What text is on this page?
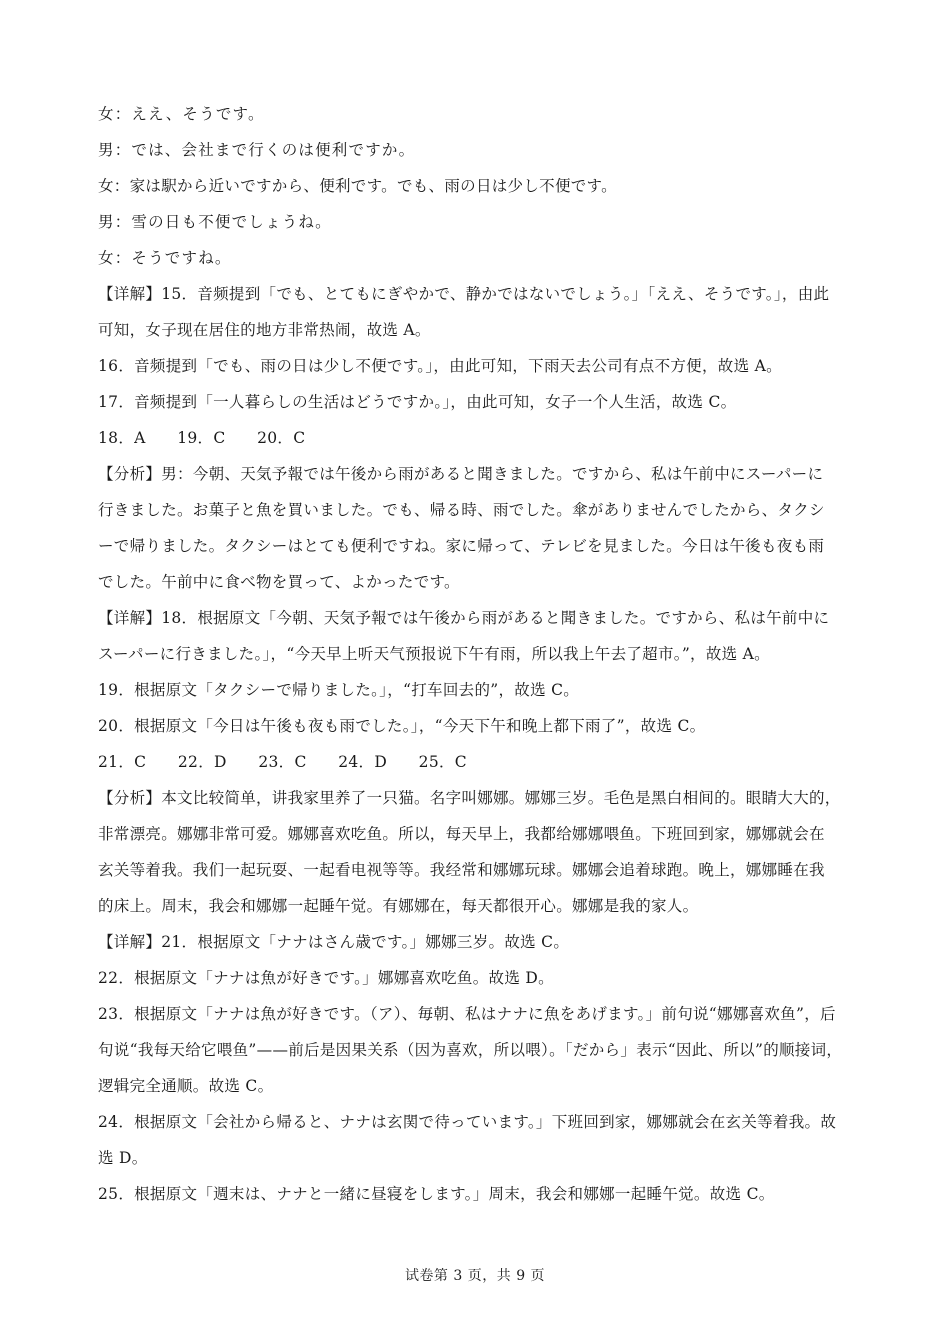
女：ええ、そうです。
男：では、会社まで行くのは便利ですか。
女：家は駅から近いですから、便利です。でも、雨の日は少し不便です。
男：雪の日も不便でしょうね。
女：そうですね。
【详解】15．音频提到「でも、とてもにぎやかで、静かではないでしょう。」「ええ、そうです。」，由此
可知，女子现在居住的地方非常热闹，故选 A。
16．音频提到「でも、雨の日は少し不便です。」，由此可知，下雨天去公司有点不方便，故选 A。
17．音频提到「一人暮らしの生活はどうですか。」，由此可知，女子一个人生活，故选 C。
18．A　　19．C　　20．C
【分析】男：今朝、天気予報では午後から雨があると聞きました。ですから、私は午前中にスーパーに
行きました。お菓子と魚を買いました。でも、帰る時、雨でした。傘がありませんでしたから、タクシ
ーで帰りました。タクシーはとても便利ですね。家に帰って、テレビを見ました。今日は午後も夜も雨
でした。午前中に食べ物を買って、よかったです。
【详解】18．根据原文「今朝、天気予報では午後から雨があると聞きました。ですから、私は午前中に
スーパーに行きました。」，“今天早上听天气预报说下午有雨，所以我上午去了超市。”，故选 A。
19．根据原文「タクシーで帰りました。」，“打车回去的”，故选 C。
20．根据原文「今日は午後も夜も雨でした。」，“今天下午和晚上都下雨了”，故选 C。
21．C　　22．D　　23．C　　24．D　　25．C
【分析】本文比较简单，讲我家里养了一只猫。名字叫娜娜。娜娜三岁。毛色是黑白相间的。眼睛大大的，
非常漂亮。娜娜非常可爱。娜娜喜欢吃鱼。所以，每天早上，我都给娜娜喂鱼。下班回到家，娜娜就会在
玄关等着我。我们一起玩耍、一起看电视等等。我经常和娜娜玩球。娜娜会追着球跑。晚上，娜娜睡在我
的床上。周末，我会和娜娜一起睡午觉。有娜娜在，每天都很开心。娜娜是我的家人。
【详解】21．根据原文「ナナはさん歳です。」娜娜三岁。故选 C。
22．根据原文「ナナは魚が好きです。」娜娜喜欢吃鱼。故选 D。
23．根据原文「ナナは魚が好きです。（ア）、毎朝、私はナナに魚をあげます。」前句说“娜娜喜欢鱼”，后
句说“我每天给它喂鱼”——前后是因果关系（因为喜欢，所以喂）。「だから」表示“因此、所以”的顺接词，
逻辑完全通顺。故选 C。
24．根据原文「会社から帰ると、ナナは玄関で待っています。」下班回到家，娜娜就会在玄关等着我。故
选 D。
25．根据原文「週末は、ナナと一緒に昼寝をします。」周末，我会和娜娜一起睡午觉。故选 C。
试卷第 3 页，共 9 页
